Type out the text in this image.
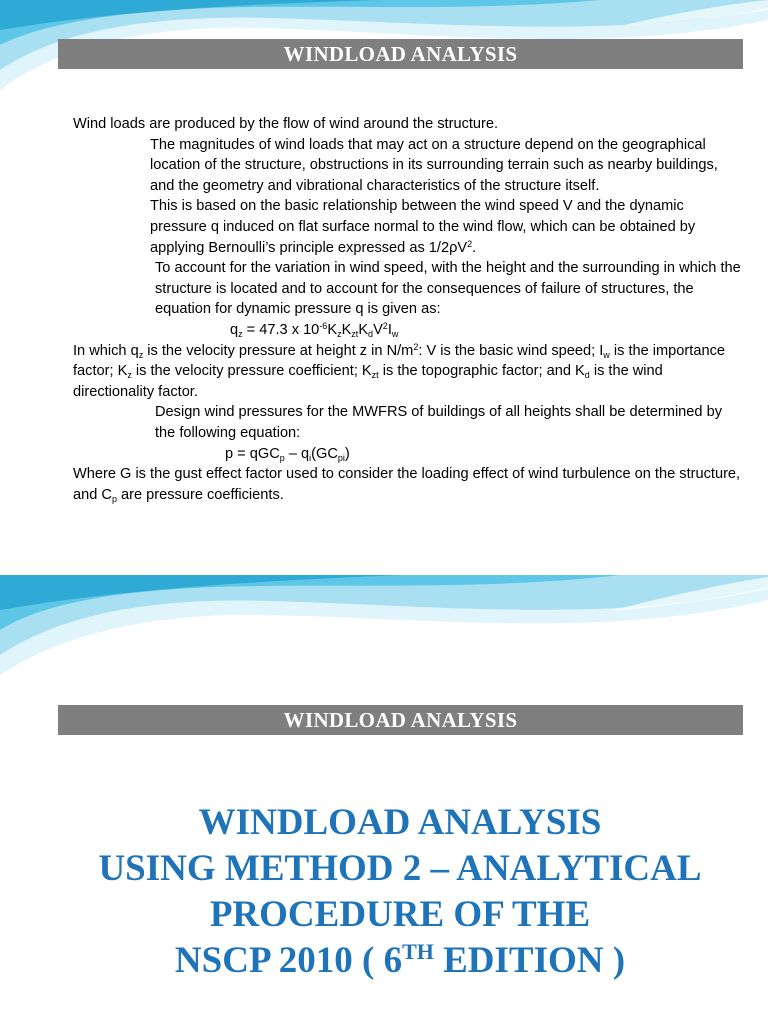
WINDLOAD ANALYSIS

Wind loads are produced by the flow of wind around the structure.

The magnitudes of wind loads that may act on a structure depend on the geographical location of the structure, obstructions in its surrounding terrain such as nearby buildings, and the geometry and vibrational characteristics of the structure itself.

This is based on the basic relationship between the wind speed V and the dynamic pressure q induced on flat surface normal to the wind flow, which can be obtained by applying Bernoulli’s principle expressed as $1/2\rho V^2$.

To account for the variation in wind speed, with the height and the surrounding in which the structure is located and to account for the consequences of failure of structures, the equation for dynamic pressure q is given as:

$q_z = 47.3$ x $10^{-6}K_zK_{zt}K_dV^2I_w$

In which $q_z$ is the velocity pressure at height z in $N/m^2$: V is the basic wind speed; $I_w$ is the importance factor; $K_z$ is the velocity pressure coefficient; $K_{zt}$ is the topographic factor; and $K_d$ is the wind directionality factor.

Design wind pressures for the MWFRS of buildings of all heights shall be determined by the following equation:

$p = qGC_p - q_i(GC_{pi})$

Where G is the gust effect factor used to consider the loading effect of wind turbulence on the structure, and $C_p$ are pressure coefficients.

WINDLOAD ANALYSIS
WINDLOAD ANALYSIS
USING METHOD 2 – ANALYTICAL
PROCEDURE OF THE
NSCP 2010 ( 6TH EDITION )
